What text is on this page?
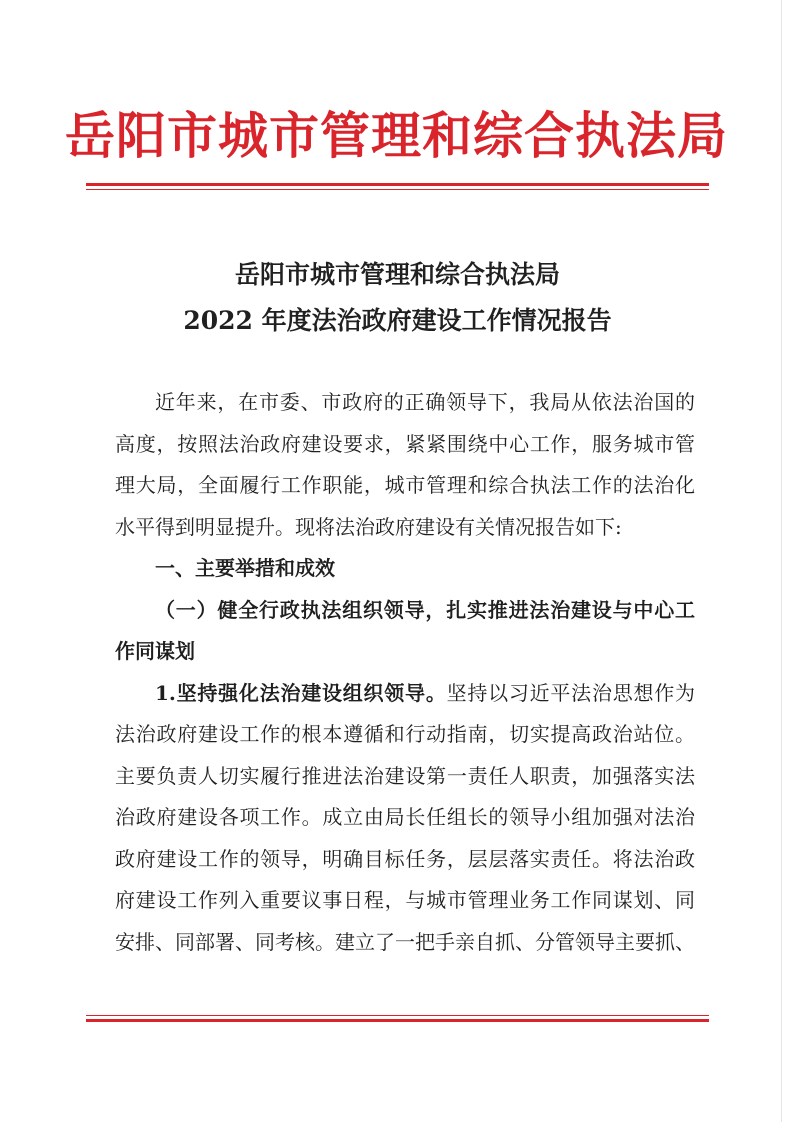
岳阳市城市管理和综合执法局
岳阳市城市管理和综合执法局
2022 年度法治政府建设工作情况报告
近年来，在市委、市政府的正确领导下，我局从依法治国的
高度，按照法治政府建设要求，紧紧围绕中心工作，服务城市管
理大局，全面履行工作职能，城市管理和综合执法工作的法治化
水平得到明显提升。现将法治政府建设有关情况报告如下:
一、主要举措和成效
（一）健全行政执法组织领导，扎实推进法治建设与中心工
作同谋划
1.坚持强化法治建设组织领导。坚持以习近平法治思想作为
法治政府建设工作的根本遵循和行动指南，切实提高政治站位。
主要负责人切实履行推进法治建设第一责任人职责，加强落实法
治政府建设各项工作。成立由局长任组长的领导小组加强对法治
政府建设工作的领导，明确目标任务，层层落实责任。将法治政
府建设工作列入重要议事日程，与城市管理业务工作同谋划、同
安排、同部署、同考核。建立了一把手亲自抓、分管领导主要抓、
